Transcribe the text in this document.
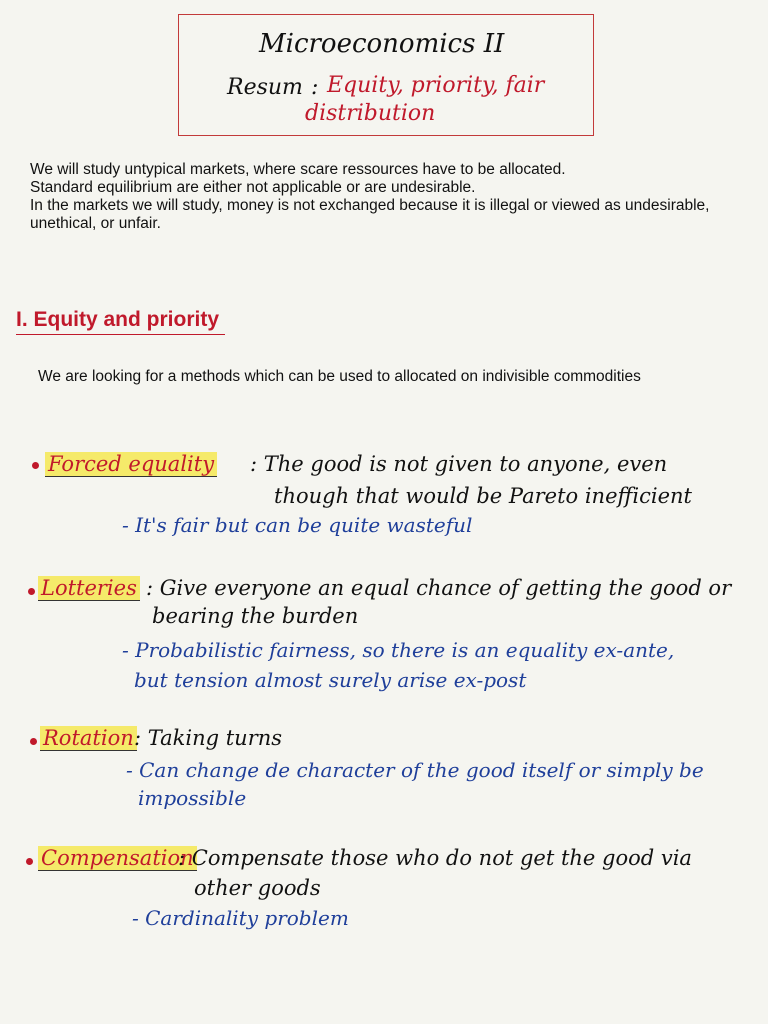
Microeconomics II
Resum : Equity, priority, fair
distribution

We will study untypical markets, where scare ressources have to be allocated.

Standard equilibrium are either not applicable or are undesirable.

In the markets we will study, money is not exchanged because it is illegal or viewed as undesirable, unethical, or unfair.

I. Equity and priority
We are looking for a methods which can be used to allocated on indivisible commodities
Forced equality : The good is not given to anyone, even
though that would be Pareto inefficient
- It's fair but can be quite wasteful
Lotteries : Give everyone an equal chance of getting the good or
bearing the burden
- Probabilistic fairness, so there is an equality ex-ante,
but tension almost surely arise ex-post
Rotation : Taking turns
- Can change de character of the good itself or simply be
impossible
Compensation
: Compensate those who do not get the good via
other goods
- Cardinality problem
